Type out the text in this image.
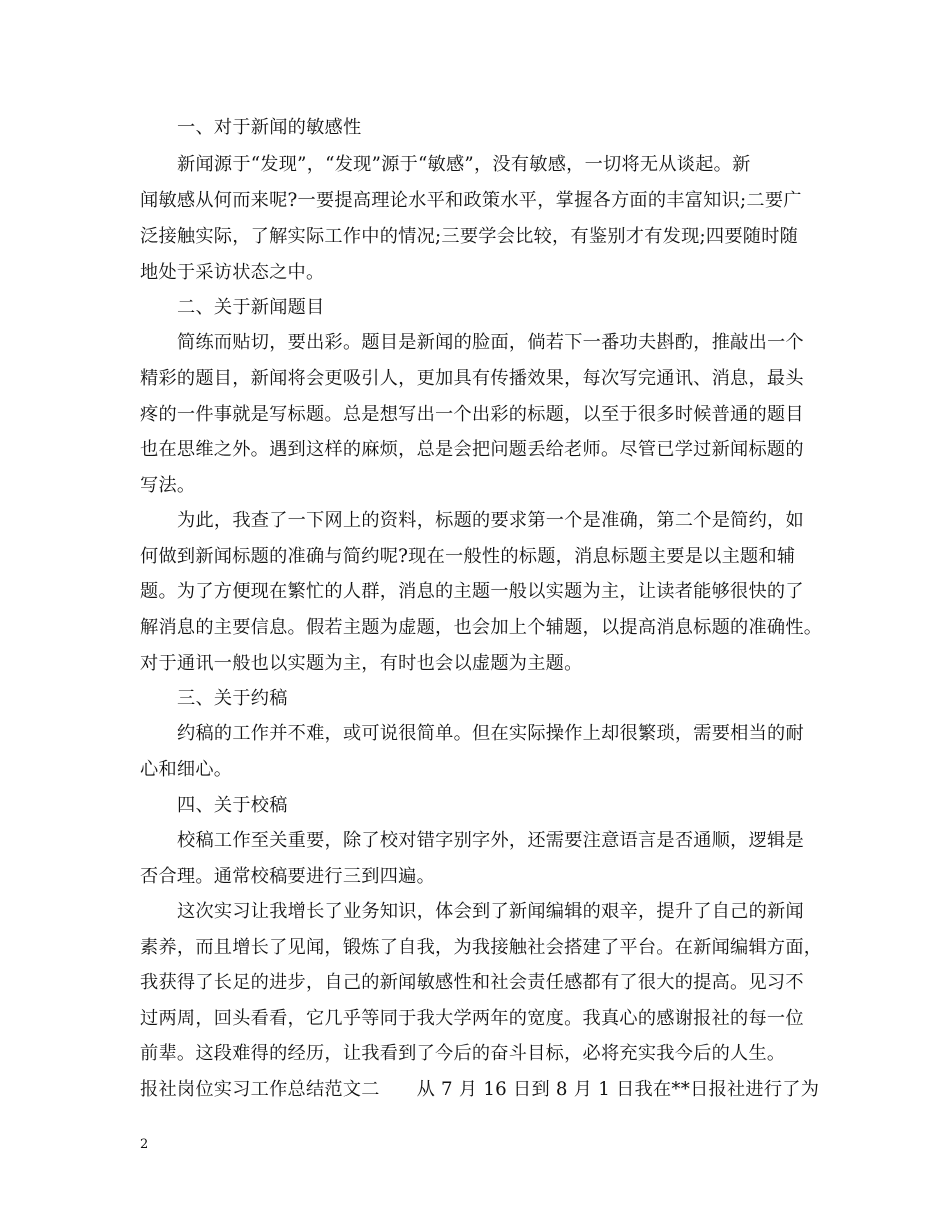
一、对于新闻的敏感性
新闻源于“发现”，“发现”源于“敏感”，没有敏感，一切将无从谈起。新
闻敏感从何而来呢?一要提高理论水平和政策水平，掌握各方面的丰富知识;二要广
泛接触实际，了解实际工作中的情况;三要学会比较，有鉴别才有发现;四要随时随
地处于采访状态之中。
二、关于新闻题目
简练而贴切，要出彩。题目是新闻的脸面，倘若下一番功夫斟酌，推敲出一个
精彩的题目，新闻将会更吸引人，更加具有传播效果，每次写完通讯、消息，最头
疼的一件事就是写标题。总是想写出一个出彩的标题，以至于很多时候普通的题目
也在思维之外。遇到这样的麻烦，总是会把问题丢给老师。尽管已学过新闻标题的
写法。
为此，我查了一下网上的资料，标题的要求第一个是准确，第二个是简约，如
何做到新闻标题的准确与简约呢?现在一般性的标题，消息标题主要是以主题和辅
题。为了方便现在繁忙的人群，消息的主题一般以实题为主，让读者能够很快的了
解消息的主要信息。假若主题为虚题，也会加上个辅题，以提高消息标题的准确性。
对于通讯一般也以实题为主，有时也会以虚题为主题。
三、关于约稿
约稿的工作并不难，或可说很简单。但在实际操作上却很繁琐，需要相当的耐
心和细心。
四、关于校稿
校稿工作至关重要，除了校对错字别字外，还需要注意语言是否通顺，逻辑是
否合理。通常校稿要进行三到四遍。
这次实习让我增长了业务知识，体会到了新闻编辑的艰辛，提升了自己的新闻
素养，而且增长了见闻，锻炼了自我，为我接触社会搭建了平台。在新闻编辑方面，
我获得了长足的进步，自己的新闻敏感性和社会责任感都有了很大的提高。见习不
过两周，回头看看，它几乎等同于我大学两年的宽度。我真心的感谢报社的每一位
前辈。这段难得的经历，让我看到了今后的奋斗目标，必将充实我今后的人生。
报社岗位实习工作总结范文二　　从 7 月 16 日到 8 月 1 日我在**日报社进行了为
2
